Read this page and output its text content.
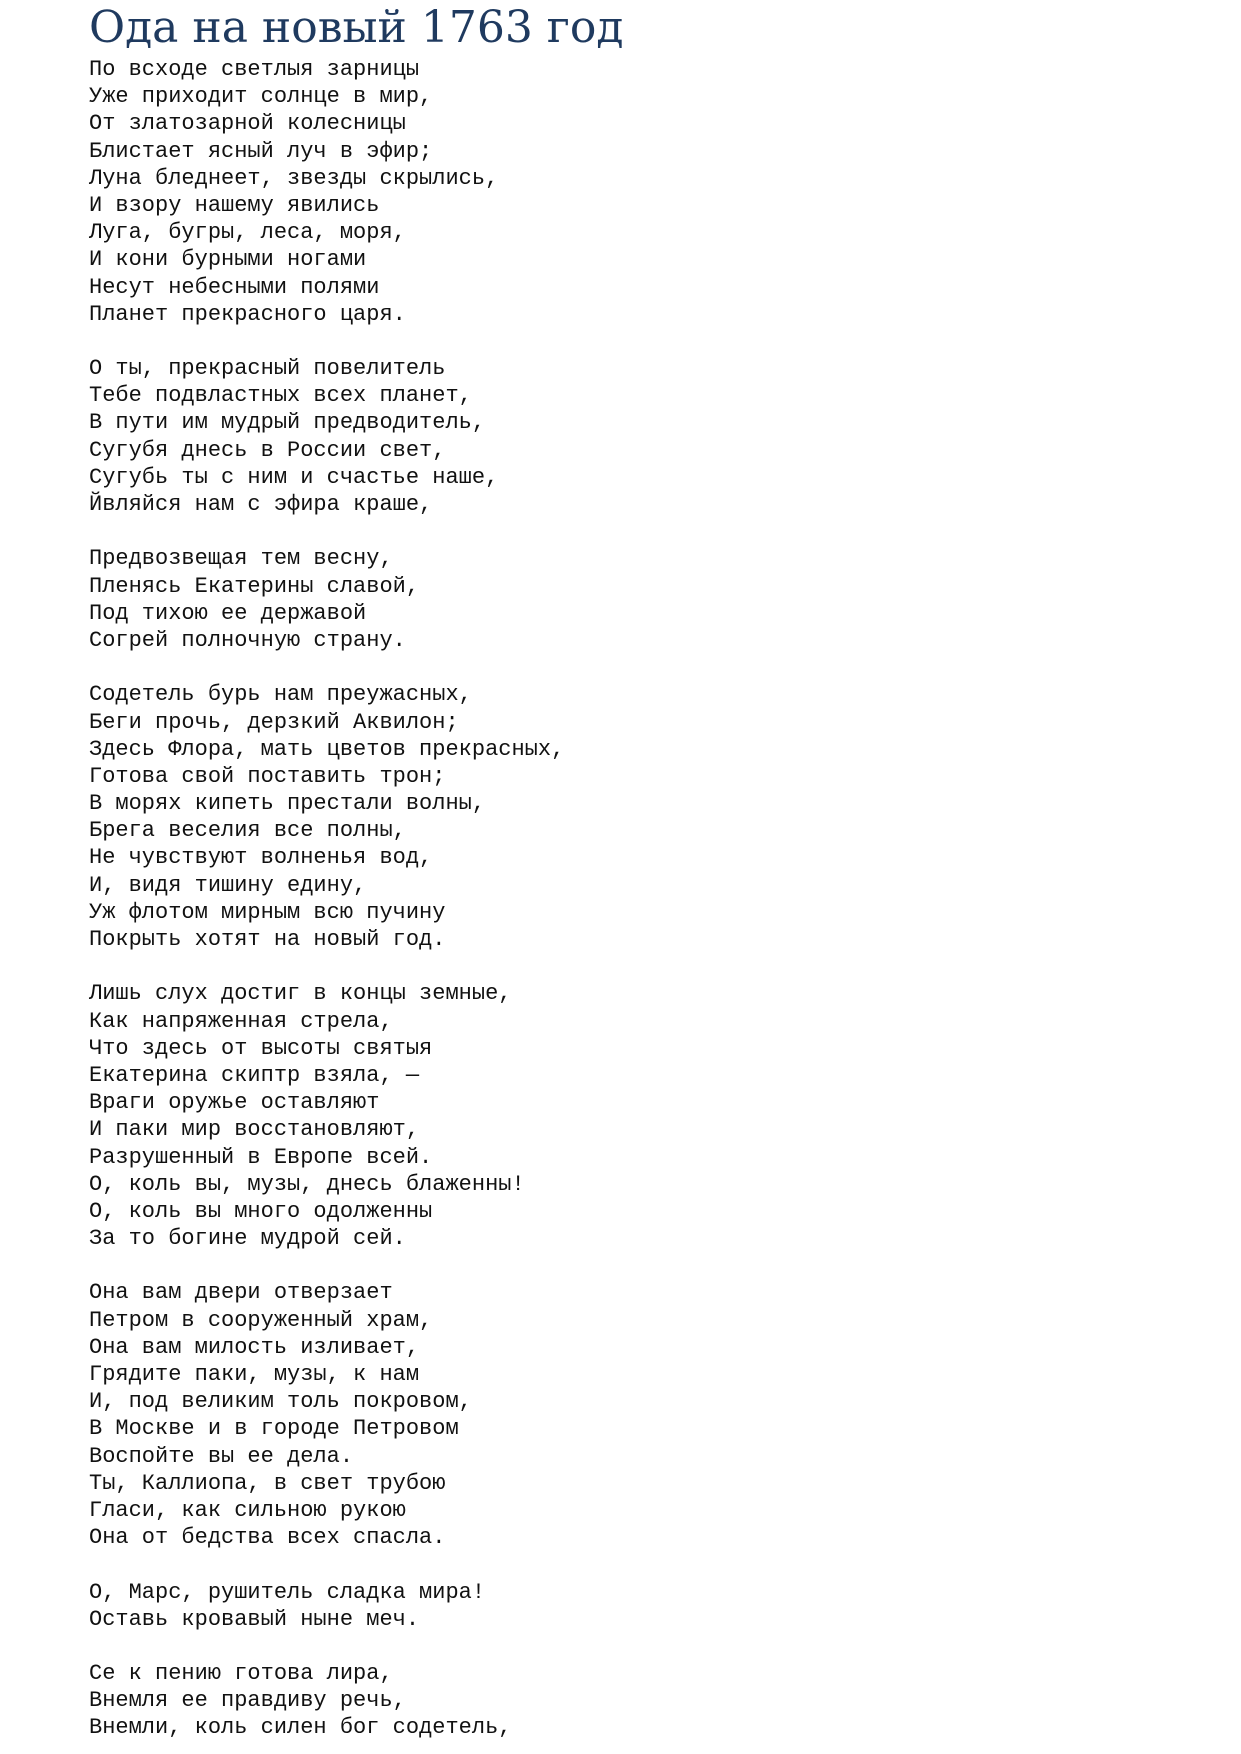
Ода на новый 1763 год
По всходе светлыя зарницы
Уже приходит солнце в мир,
От златозарной колесницы
Блистает ясный луч в эфир;
Луна бледнеет, звезды скрылись,
И взору нашему явились
Луга, бугры, леса, моря,
И кони бурными ногами
Несут небесными полями
Планет прекрасного царя.
О ты, прекрасный повелитель
Тебе подвластных всех планет,
В пути им мудрый предводитель,
Сугубя днесь в России свет,
Сугубь ты с ним и счастье наше,
Йвляйся нам с эфира краше,
Предвозвещая тем весну,
Пленясь Екатерины славой,
Под тихою ее державой
Согрей полночную страну.
Содетель бурь нам преужасных,
Беги прочь, дерзкий Аквилон;
Здесь Флора, мать цветов прекрасных,
Готова свой поставить трон;
В морях кипеть престали волны,
Брега веселия все полны,
Не чувствуют волненья вод,
И, видя тишину едину,
Уж флотом мирным всю пучину
Покрыть хотят на новый год.
Лишь слух достиг в концы земные,
Как напряженная стрела,
Что здесь от высоты святыя
Екатерина скиптр взяла, —
Враги оружье оставляют
И паки мир восстановляют,
Разрушенный в Европе всей.
О, коль вы, музы, днесь блаженны!
О, коль вы много одолженны
За то богине мудрой сей.
Она вам двери отверзает
Петром в сооруженный храм,
Она вам милость изливает,
Грядите паки, музы, к нам
И, под великим толь покровом,
В Москве и в городе Петровом
Воспойте вы ее дела.
Ты, Каллиопа, в свет трубою
Гласи, как сильною рукою
Она от бедства всех спасла.
О, Марс, рушитель сладка мира!
Оставь кровавый ныне меч.
Се к пению готова лира,
Внемля ее правдиву речь,
Внемли, коль силен бог содетель,
